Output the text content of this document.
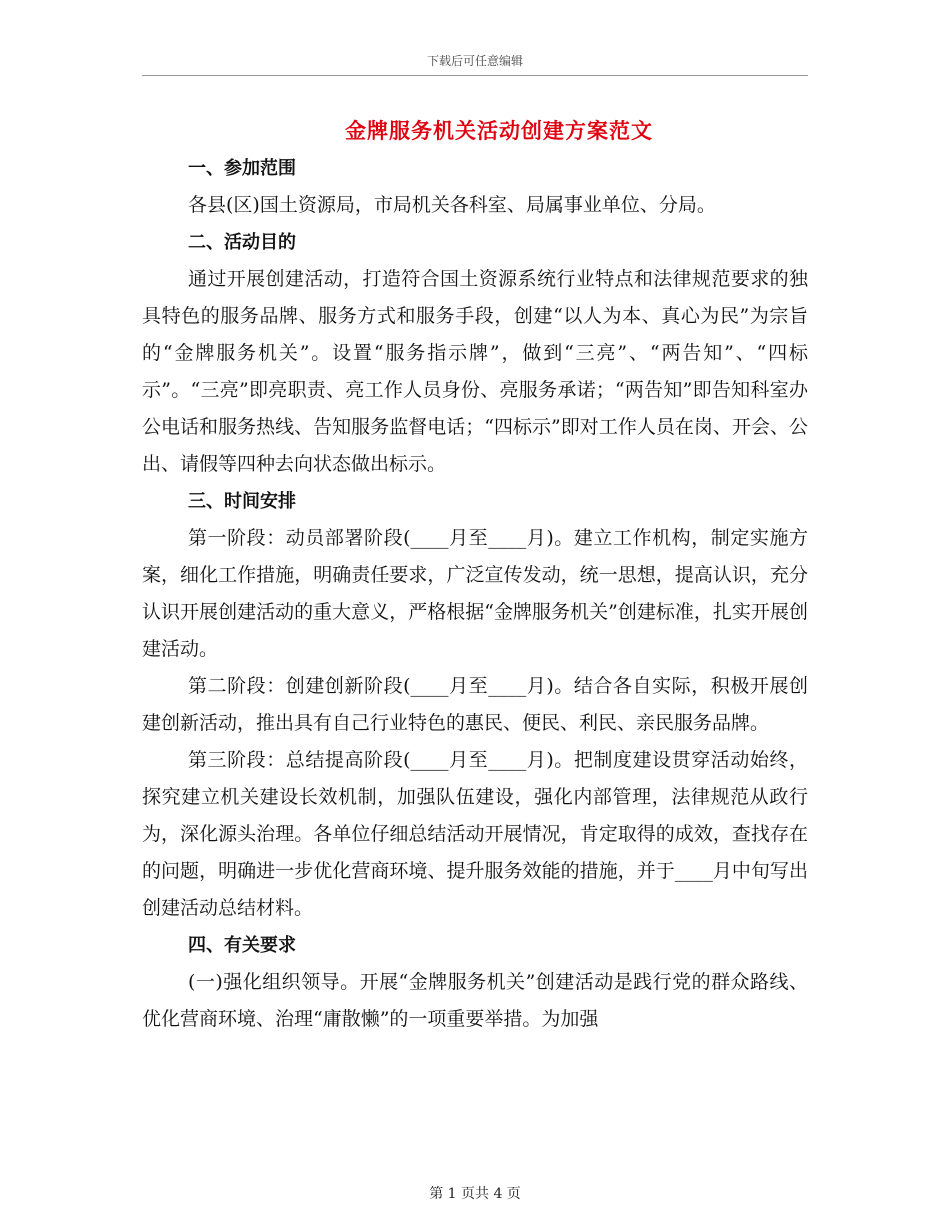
下载后可任意编辑
金牌服务机关活动创建方案范文

一、参加范围

各县(区)国土资源局，市局机关各科室、局属事业单位、分局。

二、活动目的

通过开展创建活动，打造符合国土资源系统行业特点和法律规范要求的独具特色的服务品牌、服务方式和服务手段，创建“以人为本、真心为民”为宗旨的“金牌服务机关”。设置“服务指示牌”，做到“三亮”、“两告知”、“四标示”。“三亮”即亮职责、亮工作人员身份、亮服务承诺；“两告知”即告知科室办公电话和服务热线、告知服务监督电话；“四标示”即对工作人员在岗、开会、公出、请假等四种去向状态做出标示。

三、时间安排

第一阶段：动员部署阶段(____月至____月)。建立工作机构，制定实施方案，细化工作措施，明确责任要求，广泛宣传发动，统一思想，提高认识，充分认识开展创建活动的重大意义，严格根据“金牌服务机关”创建标准，扎实开展创建活动。

第二阶段：创建创新阶段(____月至____月)。结合各自实际，积极开展创建创新活动，推出具有自己行业特色的惠民、便民、利民、亲民服务品牌。

第三阶段：总结提高阶段(____月至____月)。把制度建设贯穿活动始终，探究建立机关建设长效机制，加强队伍建设，强化内部管理，法律规范从政行为，深化源头治理。各单位仔细总结活动开展情况，肯定取得的成效，查找存在的问题，明确进一步优化营商环境、提升服务效能的措施，并于____月中旬写出创建活动总结材料。

四、有关要求

(一)强化组织领导。开展“金牌服务机关”创建活动是践行党的群众路线、优化营商环境、治理“庸散懒”的一项重要举措。为加强

第 1 页共 4 页
